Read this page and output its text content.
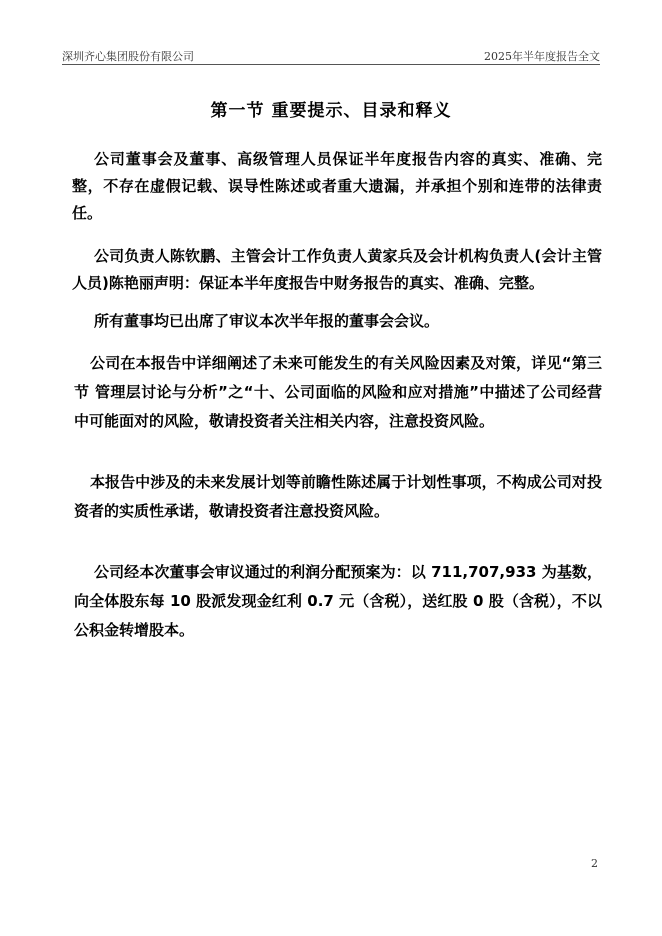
深圳齐心集团股份有限公司	2025年半年度报告全文
第一节 重要提示、目录和释义

公司董事会及董事、高级管理人员保证半年度报告内容的真实、准确、完整，不存在虚假记载、误导性陈述或者重大遗漏，并承担个别和连带的法律责任。

公司负责人陈钦鹏、主管会计工作负责人黄家兵及会计机构负责人(会计主管人员)陈艳丽声明：保证本半年度报告中财务报告的真实、准确、完整。

所有董事均已出席了审议本次半年报的董事会会议。

公司在本报告中详细阐述了未来可能发生的有关风险因素及对策，详见“第三节 管理层讨论与分析”之“十、公司面临的风险和应对措施”中描述了公司经营中可能面对的风险，敬请投资者关注相关内容，注意投资风险。

本报告中涉及的未来发展计划等前瞻性陈述属于计划性事项，不构成公司对投资者的实质性承诺，敬请投资者注意投资风险。

公司经本次董事会审议通过的利润分配预案为：以 711,707,933 为基数，向全体股东每 10 股派发现金红利 0.7 元（含税），送红股 0 股（含税），不以公积金转增股本。

2
